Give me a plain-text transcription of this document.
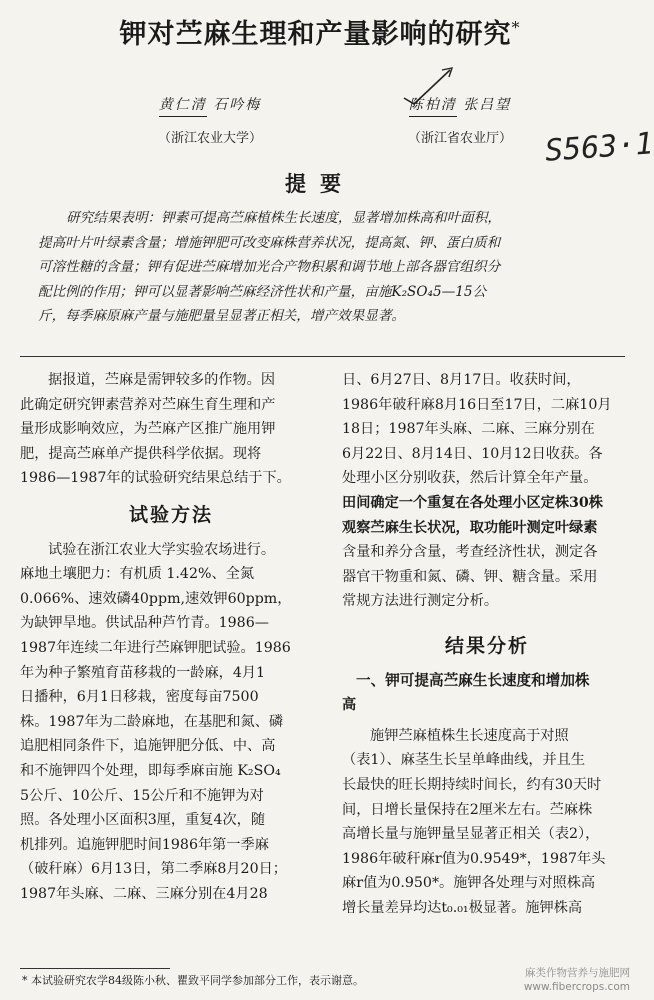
钾对苎麻生理和产量影响的研究*
黄仁清 石吟梅
（浙江农业大学）
陈柏清 张吕望
（浙江省农业厅）	S563·1
提要
研究结果表明：钾素可提高苎麻植株生长速度，显著增加株高和叶面积，
提高叶片叶绿素含量；增施钾肥可改变麻株营养状况，提高氮、钾、蛋白质和
可溶性糖的含量；钾有促进苎麻增加光合产物积累和调节地上部各器官组织分
配比例的作用；钾可以显著影响苎麻经济性状和产量，亩施K₂SO₄5—15公
斤，每季麻原麻产量与施肥量呈显著正相关，增产效果显著。
据报道，苎麻是需钾较多的作物。因
此确定研究钾素营养对苎麻生育生理和产
量形成影响效应，为苎麻产区推广施用钾
肥，提高苎麻单产提供科学依据。现将
1986—1987年的试验研究结果总结于下。
试验方法
试验在浙江农业大学实验农场进行。
麻地土壤肥力：有机质 1.42%、全氮
0.066%、速效磷40ppm,速效钾60ppm，
为缺钾旱地。供试品种芦竹青。1986—
1987年连续二年进行苎麻钾肥试验。1986
年为种子繁殖育苗移栽的一龄麻，4月1
日播种，6月1日移栽，密度每亩7500
株。1987年为二龄麻地，在基肥和氮、磷
追肥相同条件下，追施钾肥分低、中、高
和不施钾四个处理，即每季麻亩施 K₂SO₄
5公斤、10公斤、15公斤和不施钾为对
照。各处理小区面积3厘，重复4次，随
机排列。追施钾肥时间1986年第一季麻
（破秆麻）6月13日，第二季麻8月20日；
1987年头麻、二麻、三麻分别在4月28
日、6月27日、8月17日。收获时间，
1986年破秆麻8月16日至17日，二麻10月
18日；1987年头麻、二麻、三麻分别在
6月22日、8月14日、10月12日收获。各
处理小区分别收获，然后计算全年产量。
田间确定一个重复在各处理小区定株30株
观察苎麻生长状况，取功能叶测定叶绿素
含量和养分含量，考查经济性状，测定各
器官干物重和氮、磷、钾、糖含量。采用
常规方法进行测定分析。
结果分析
一、钾可提高苎麻生长速度和增加株
高
施钾苎麻植株生长速度高于对照
（表1）、麻茎生长呈单峰曲线，并且生
长最快的旺长期持续时间长，约有30天时
间，日增长量保持在2厘米左右。苎麻株
高增长量与施钾量呈显著正相关（表2），
1986年破秆麻r值为0.9549*，1987年头
麻r值为0.950*。施钾各处理与对照株高
增长量差异均达t₀.₀₁极显著。施钾株高
* 本试验研究农学84级陈小秋、瞿致平同学参加部分工作，表示谢意。
麻类作物营养与施肥网
www.fibercrops.com
